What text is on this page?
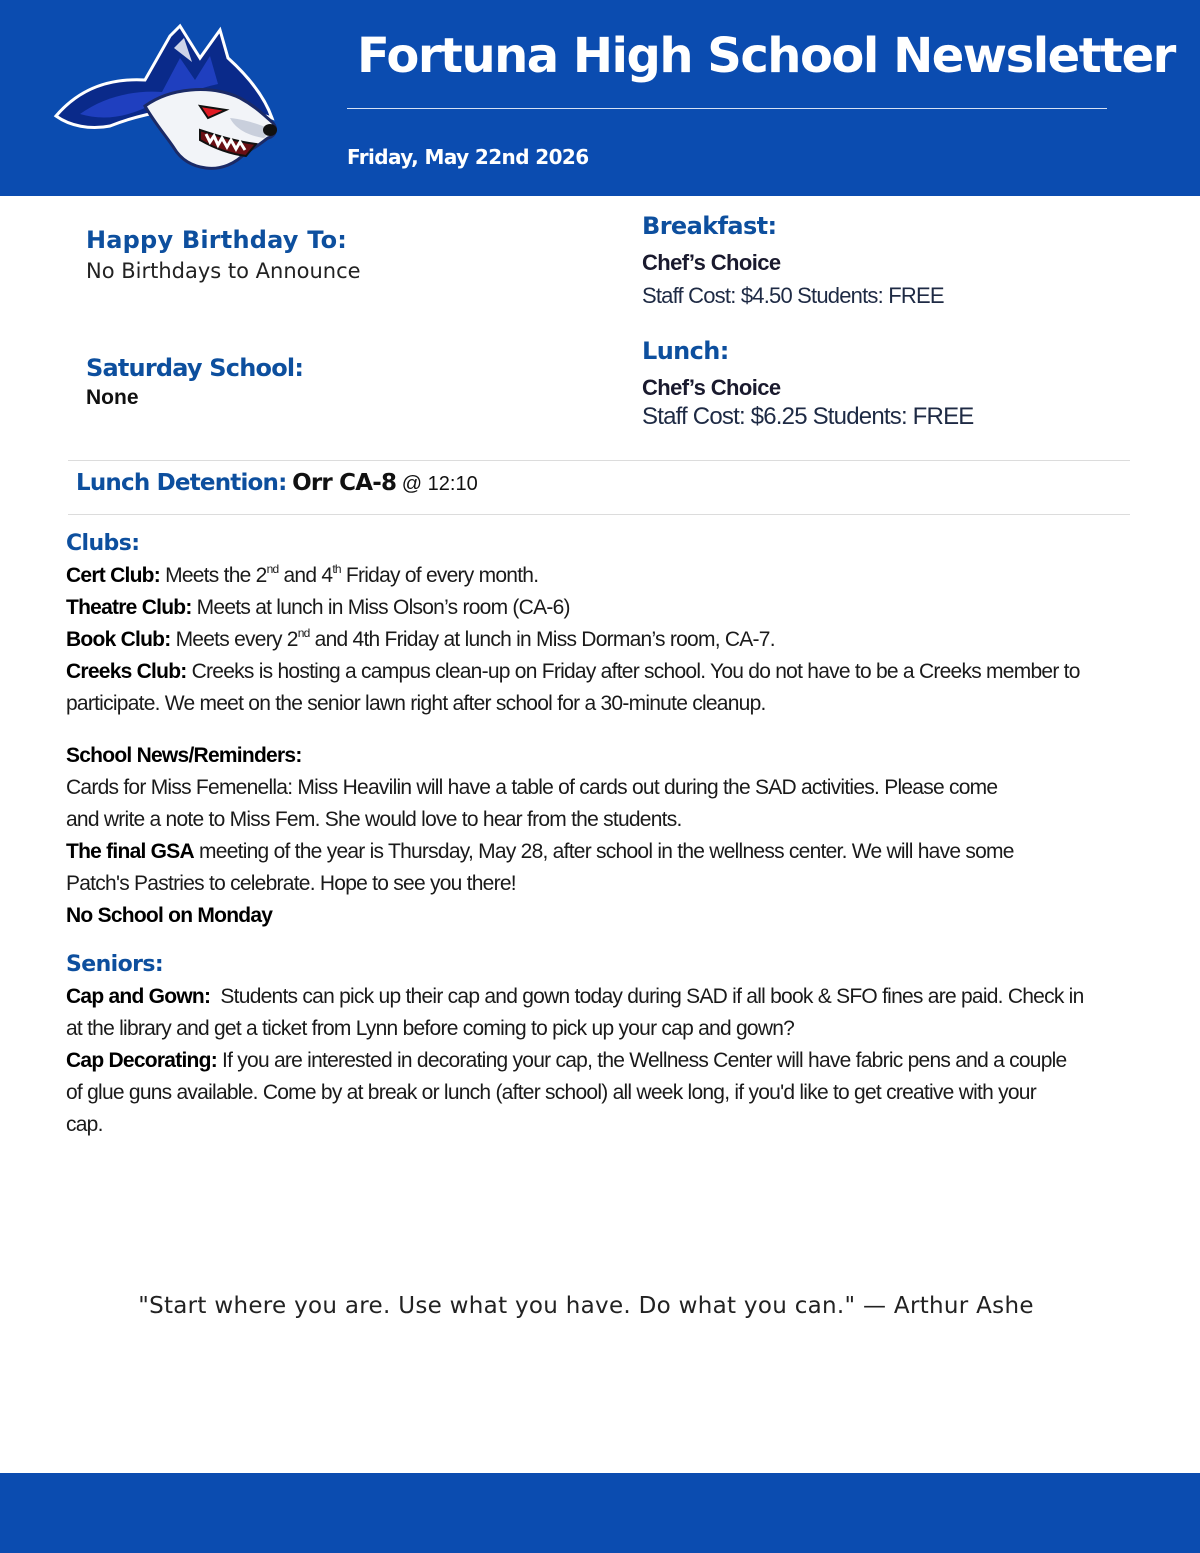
Fortuna High School Newsletter
Friday, May 22nd 2026
Happy Birthday To:
No Birthdays to Announce
Saturday School:
None
Breakfast:
Chef’s Choice
Staff Cost: $4.50 Students: FREE
Lunch:
Chef’s Choice
Staff Cost: $6.25 Students: FREE
Lunch Detention: Orr CA-8 @ 12:10

Clubs:

Cert Club: Meets the 2nd and 4th Friday of every month.

Theatre Club: Meets at lunch in Miss Olson’s room (CA-6)

Book Club: Meets every 2nd and 4th Friday at lunch in Miss Dorman’s room, CA-7.

Creeks Club: Creeks is hosting a campus clean-up on Friday after school. You do not have to be a Creeks member to

participate. We meet on the senior lawn right after school for a 30-minute cleanup.

School News/Reminders:

Cards for Miss Femenella: Miss Heavilin will have a table of cards out during the SAD activities. Please come

and write a note to Miss Fem. She would love to hear from the students.

The final GSA meeting of the year is Thursday, May 28, after school in the wellness center. We will have some

Patch's Pastries to celebrate. Hope to see you there!

No School on Monday

Seniors:

Cap and Gown:  Students can pick up their cap and gown today during SAD if all book & SFO fines are paid. Check in

at the library and get a ticket from Lynn before coming to pick up your cap and gown?

Cap Decorating: If you are interested in decorating your cap, the Wellness Center will have fabric pens and a couple

of glue guns available. Come by at break or lunch (after school) all week long, if you'd like to get creative with your

cap.

"Start where you are. Use what you have. Do what you can." — Arthur Ashe
